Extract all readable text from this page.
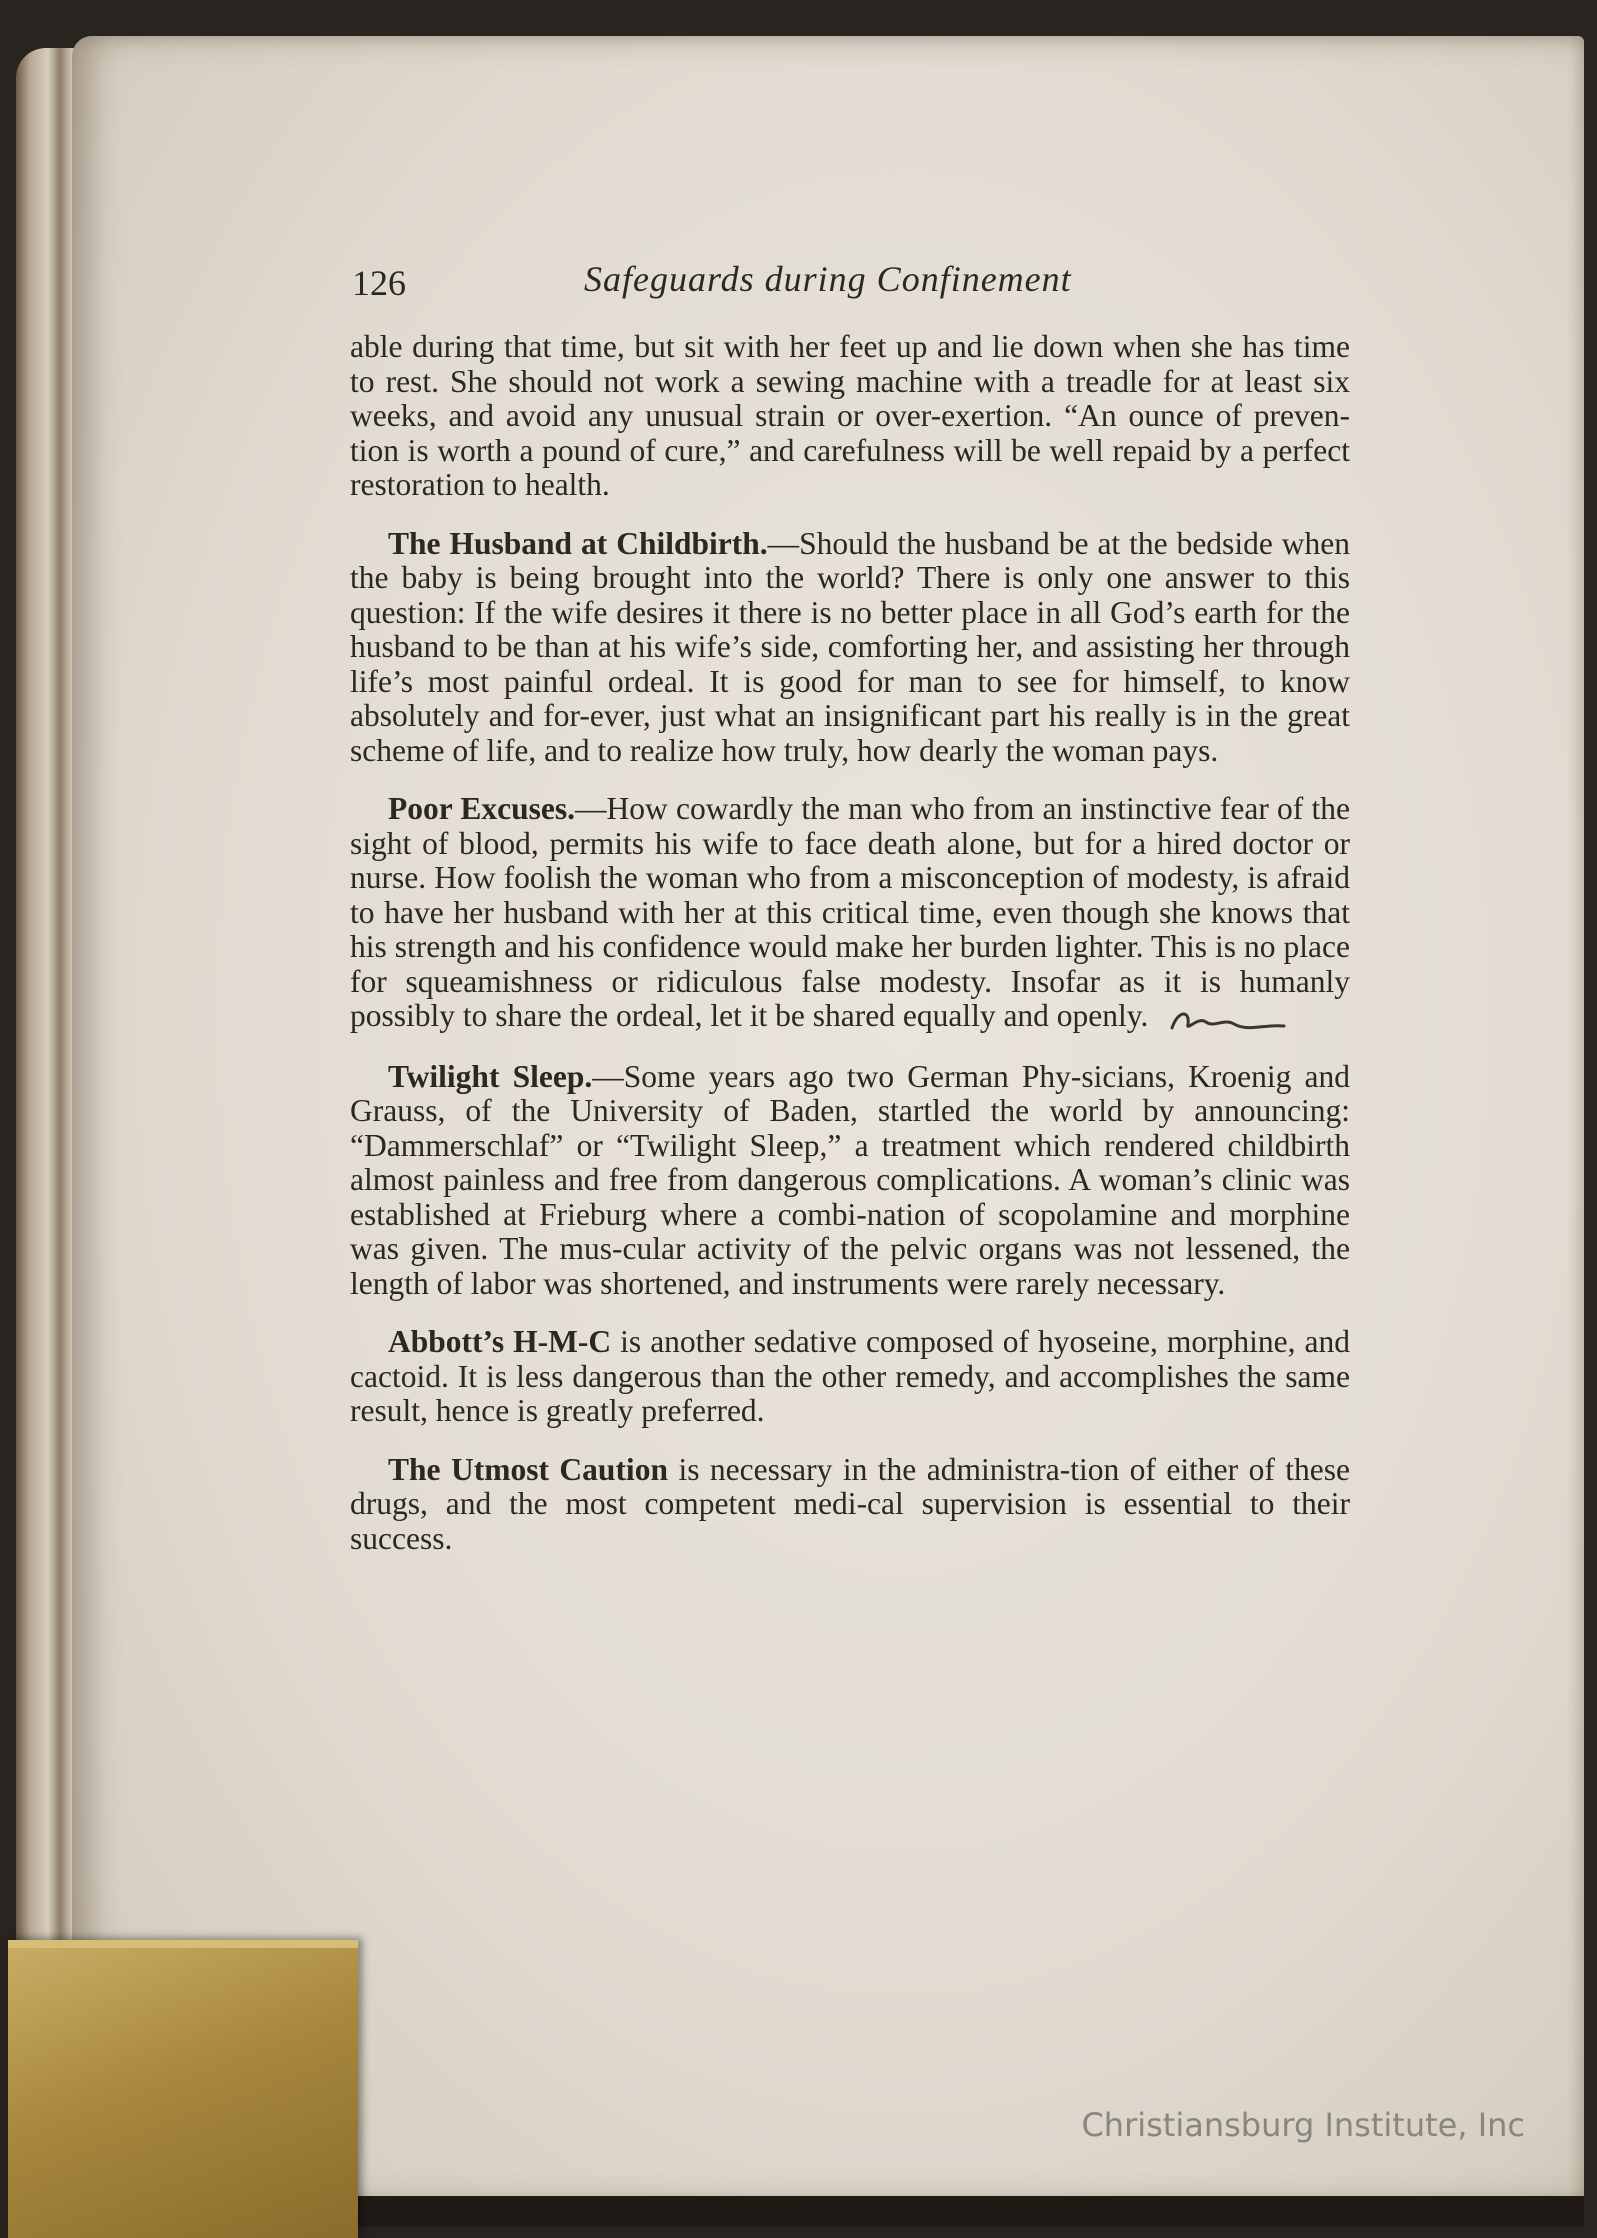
126	Safeguards during Confinement

able during that time, but sit with her feet up and lie down when she has time to rest. She should not work a sewing machine with a treadle for at least six weeks, and avoid any unusual strain or over-exertion. “An ounce of preven-tion is worth a pound of cure,” and carefulness will be well repaid by a perfect restoration to health.

The Husband at Childbirth.—Should the husband be at the bedside when the baby is being brought into the world? There is only one answer to this question: If the wife desires it there is no better place in all God’s earth for the husband to be than at his wife’s side, comforting her, and assisting her through life’s most painful ordeal. It is good for man to see for himself, to know absolutely and for-ever, just what an insignificant part his really is in the great scheme of life, and to realize how truly, how dearly the woman pays.

Poor Excuses.—How cowardly the man who from an instinctive fear of the sight of blood, permits his wife to face death alone, but for a hired doctor or nurse. How foolish the woman who from a misconception of modesty, is afraid to have her husband with her at this critical time, even though she knows that his strength and his confidence would make her burden lighter. This is no place for squeamishness or ridiculous false modesty. Insofar as it is humanly possibly to share the ordeal, let it be shared equally and openly.

Twilight Sleep.—Some years ago two German Phy-sicians, Kroenig and Grauss, of the University of Baden, startled the world by announcing: “Dammerschlaf” or “Twilight Sleep,” a treatment which rendered childbirth almost painless and free from dangerous complications. A woman’s clinic was established at Frieburg where a combi-nation of scopolamine and morphine was given. The mus-cular activity of the pelvic organs was not lessened, the length of labor was shortened, and instruments were rarely necessary.

Abbott’s H-M-C is another sedative composed of hyoseine, morphine, and cactoid. It is less dangerous than the other remedy, and accomplishes the same result, hence is greatly preferred.

The Utmost Caution is necessary in the administra-tion of either of these drugs, and the most competent medi-cal supervision is essential to their success.

Christiansburg Institute, Inc
